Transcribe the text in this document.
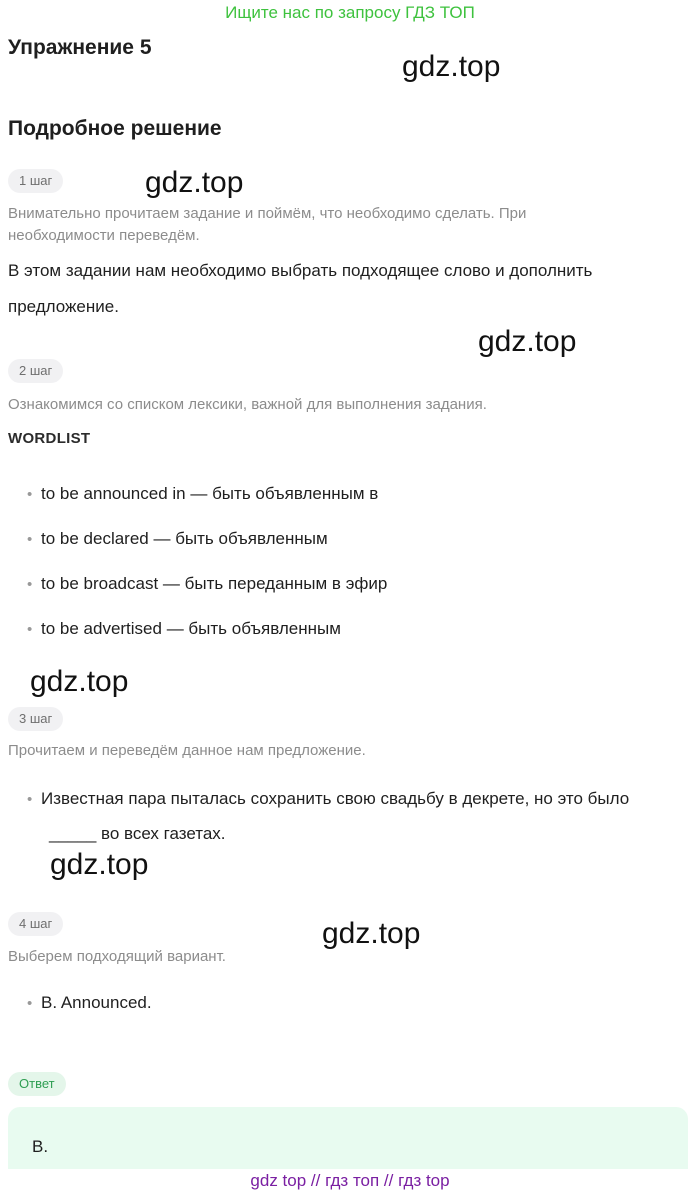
Ищите нас по запросу ГДЗ ТОП
Упражнение 5
gdz.top
Подробное решение
1 шаг	gdz.top
Внимательно прочитаем задание и поймём, что необходимо сделать. При
необходимости переведём.
В этом задании нам необходимо выбрать подходящее слово и дополнить
предложение.
gdz.top
2 шаг
Ознакомимся со списком лексики, важной для выполнения задания.
WORDLIST
• to be announced in — быть объявленным в
• to be declared — быть объявленным
• to be broadcast — быть переданным в эфир
• to be advertised — быть объявленным
gdz.top
3 шаг
Прочитаем и переведём данное нам предложение.
• Известная пара пыталась сохранить свою свадьбу в декрете, но это было
_____ во всех газетах.
gdz.top
4 шаг	gdz.top
Выберем подходящий вариант.
• B. Announced.
Ответ
B.
gdz top // гдз топ // гдз top
